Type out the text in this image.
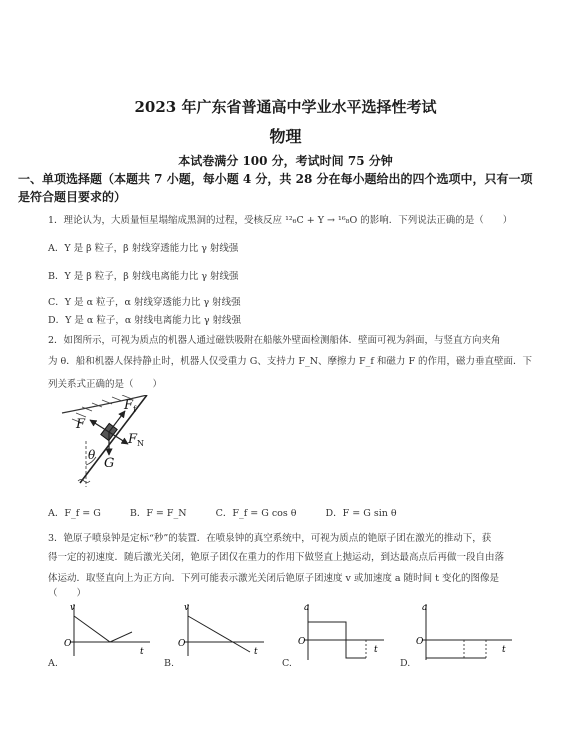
2023 年广东省普通高中学业水平选择性考试
物理
本试卷满分 100 分，考试时间 75 分钟
一、单项选择题（本题共 7 小题，每小题 4 分，共 28 分在每小题给出的四个选项中，只有一项
是符合题目要求的）
1．理论认为，大质量恒星塌缩成黑洞的过程，受核反应 ¹²₆C + Y → ¹⁶₈O 的影响．下列说法正确的是（　　）
A．Y 是 β 粒子，β 射线穿透能力比 γ 射线强
B．Y 是 β 粒子，β 射线电离能力比 γ 射线强
C．Y 是 α 粒子，α 射线穿透能力比 γ 射线强
D．Y 是 α 粒子，α 射线电离能力比 γ 射线强
2．如图所示，可视为质点的机器人通过磁铁吸附在船舷外壁面检测船体．壁面可视为斜面，与竖直方向夹角
为 θ．船和机器人保持静止时，机器人仅受重力 G、支持力 F_N、摩擦力 F_f 和磁力 F 的作用，磁力垂直壁面．下
列关系式正确的是（　　）
F f
F
F N
θ
G
A．F_f = G	B．F = F_N	C．F_f = G cos θ	D．F = G sin θ
3．铯原子喷泉钟是定标“秒”的装置．在喷泉钟的真空系统中，可视为质点的铯原子团在激光的推动下，获
得一定的初速度．随后激光关闭，铯原子团仅在重力的作用下做竖直上抛运动，到达最高点后再做一段自由落
体运动．取竖直向上为正方向．下列可能表示激光关闭后铯原子团速度 v 或加速度 a 随时间 t 变化的图像是
（　　）
v
t
O
A.
v
t
O
B.
a
t
O
C.
a
t
O
D.
